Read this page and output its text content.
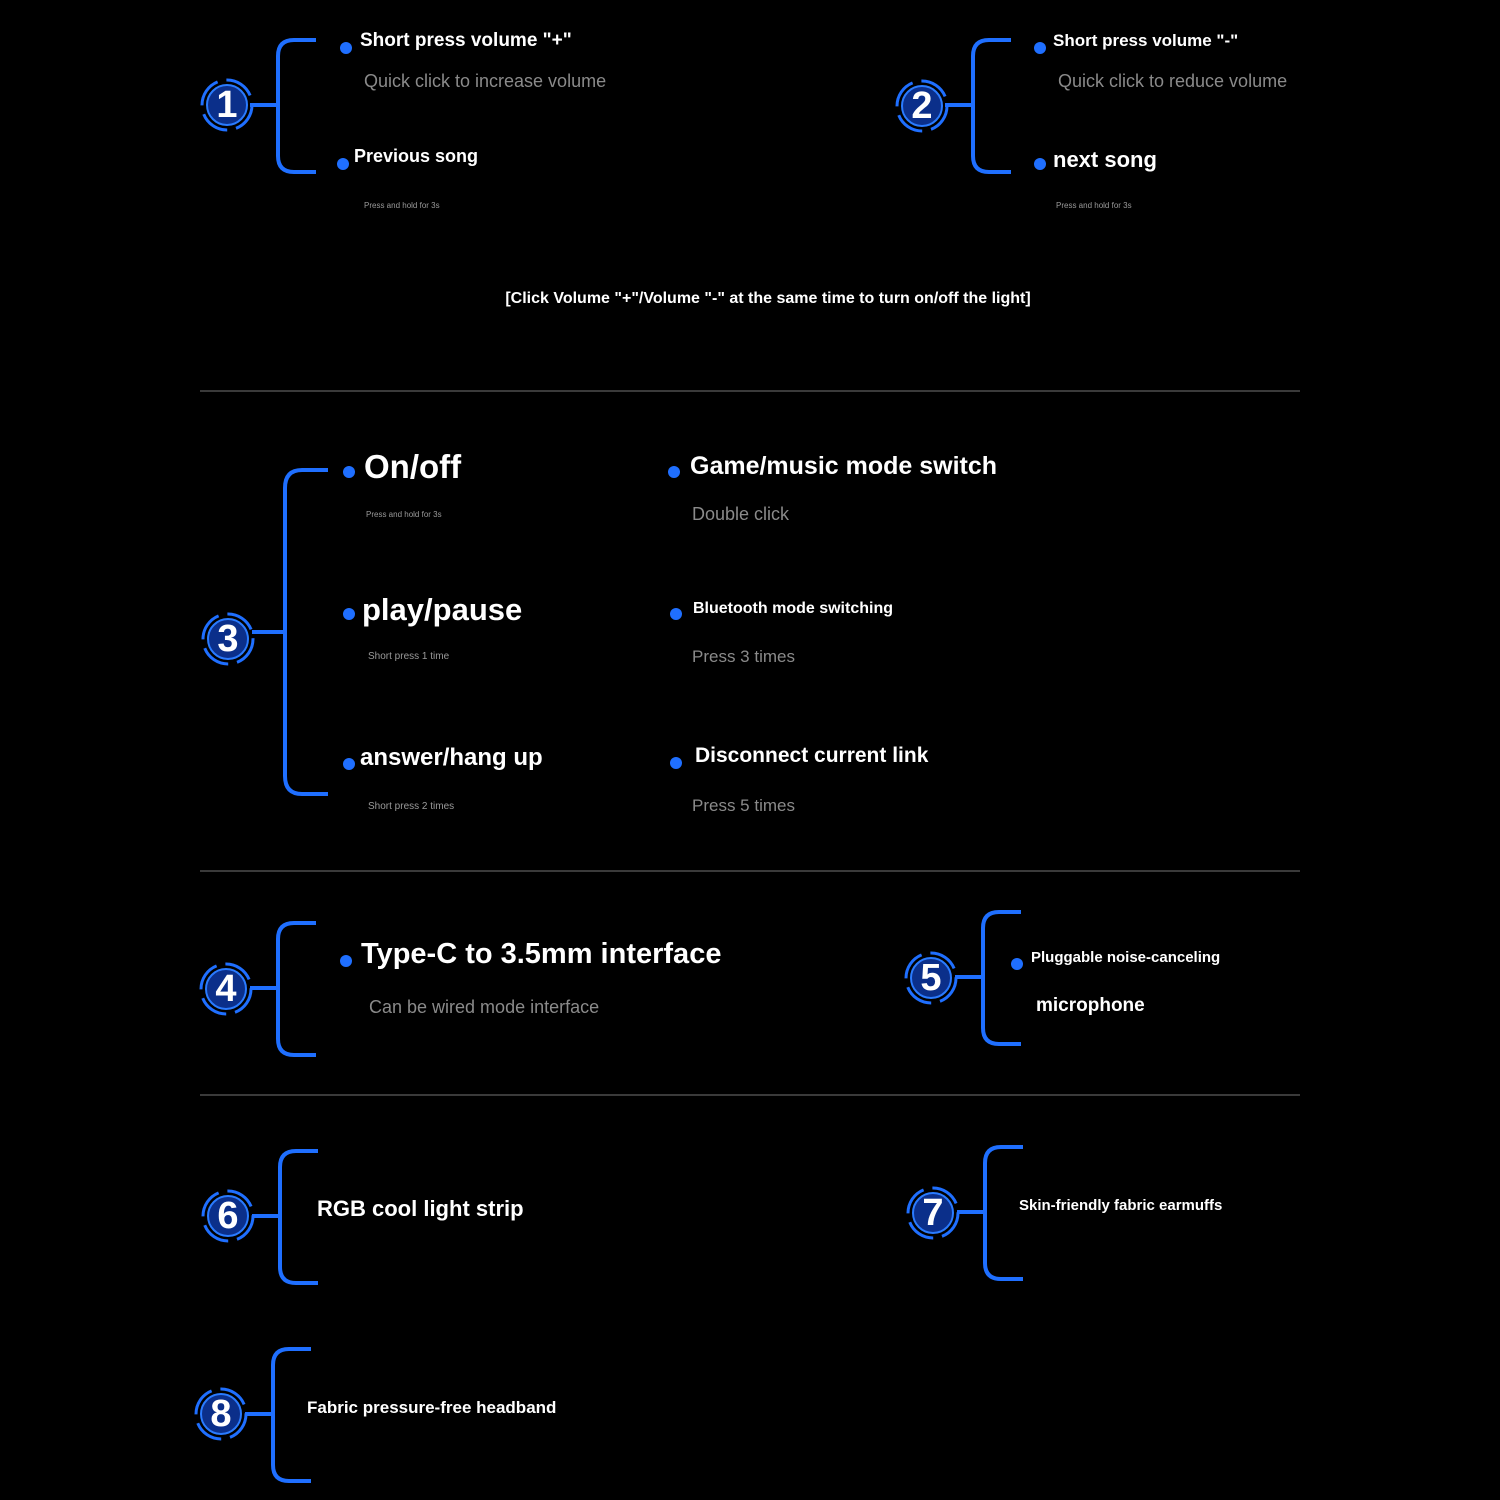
1
Short press volume "+"
Quick click to increase volume
Previous song
Press and hold for 3s
2
Short press volume "-"
Quick click to reduce volume
next song
Press and hold for 3s
[Click Volume "+"/Volume "-" at the same time to turn on/off the light]
3
On/off
Press and hold for 3s
Game/music mode switch
Double click
play/pause
Short press 1 time
Bluetooth mode switching
Press 3 times
answer/hang up
Short press 2 times
Disconnect current link
Press 5 times
4
Type-C to 3.5mm interface
Can be wired mode interface
5	Pluggable noise-canceling
microphone
6	RGB cool light strip	7	Skin-friendly fabric earmuffs
8	Fabric pressure-free headband
